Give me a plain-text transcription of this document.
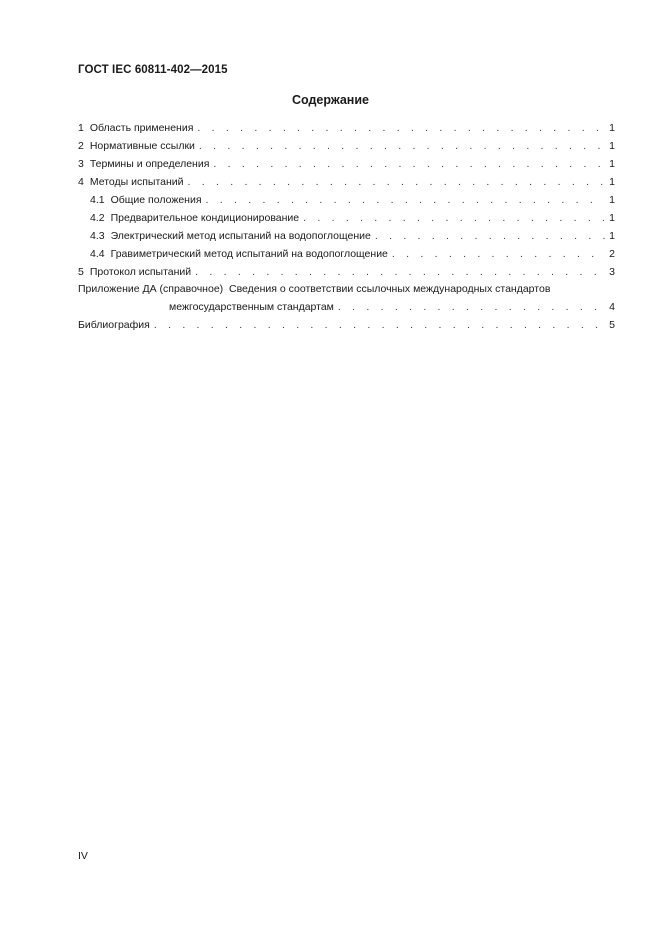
ГОСТ IEC 60811-402—2015
Содержание
1 Область применения . . .	1
2 Нормативные ссылки . . .	1
3 Термины и определения . . .	1
4 Методы испытаний . . .	1
4.1 Общие положения . . .	1
4.2 Предварительное кондиционирование . . .	1
4.3 Электрический метод испытаний на водопоглощение . . .	1
4.4 Гравиметрический метод испытаний на водопоглощение . . .	2
5 Протокол испытаний . . .	3
Приложение ДА (справочное)  Сведения о соответствии ссылочных международных стандартов
межгосударственным стандартам . . .	4
Библиография . . .	5
IV
